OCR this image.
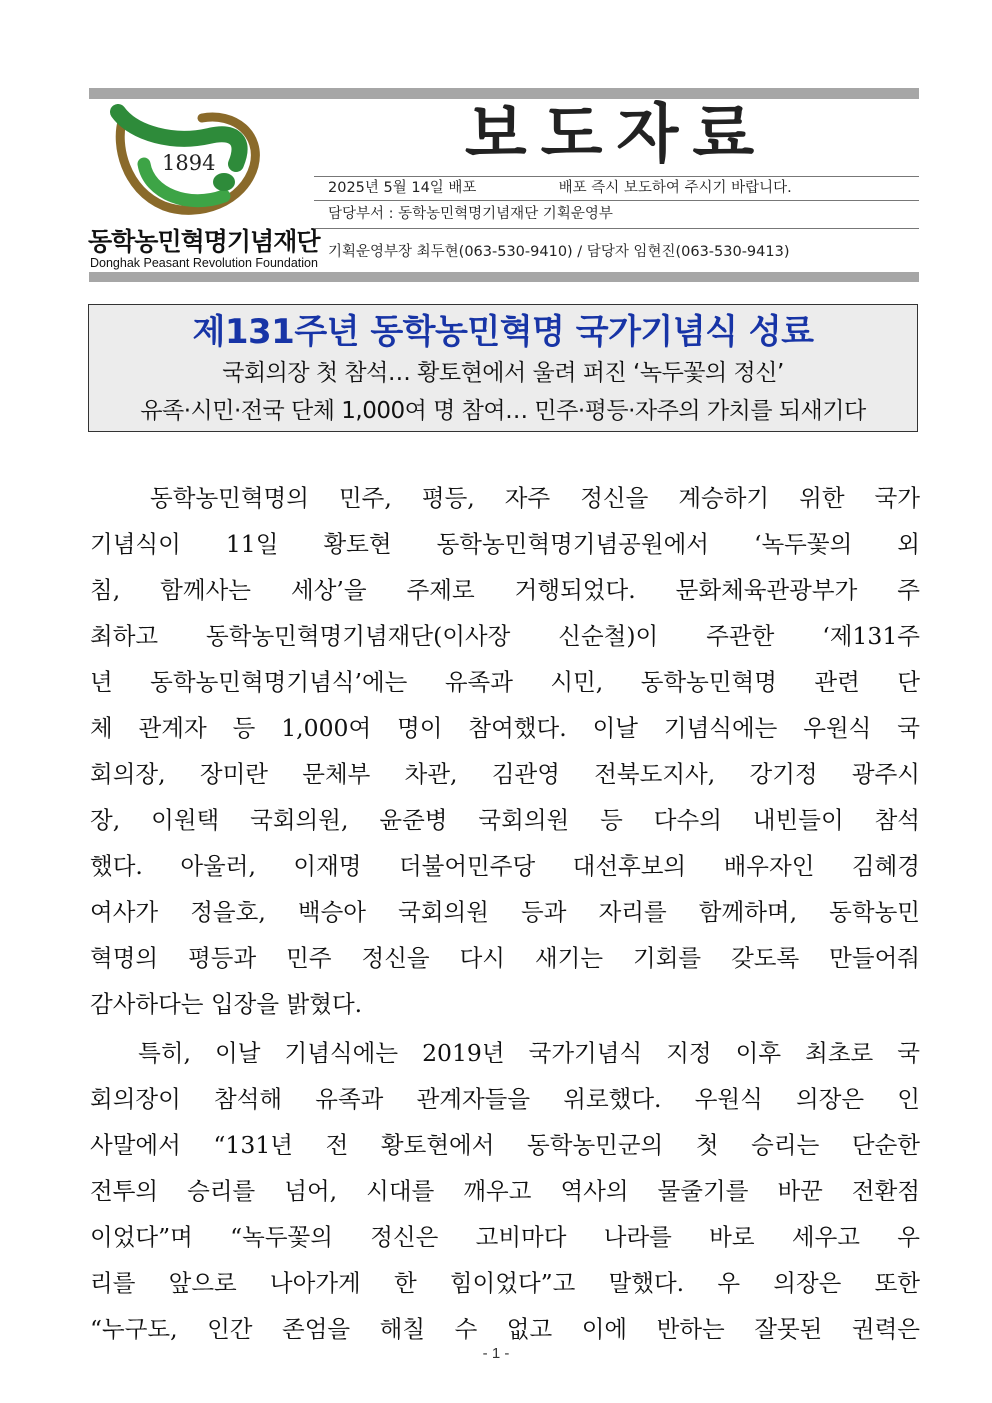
1894
동학농민혁명기념재단
Donghak Peasant Revolution Foundation
보도자료
2025년 5월 14일 배포	배포 즉시 보도하여 주시기 바랍니다.
담당부서 : 동학농민혁명기념재단 기획운영부
기획운영부장 최두현(063-530-9410) / 담당자 임현진(063-530-9413)
제131주년 동학농민혁명 국가기념식 성료
국회의장 첫 참석… 황토현에서 울려 퍼진 ‘녹두꽃의 정신’
유족·시민·전국 단체 1,000여 명 참여… 민주·평등·자주의 가치를 되새기다
동학농민혁명의 민주, 평등, 자주 정신을 계승하기 위한 국가
기념식이 11일 황토현 동학농민혁명기념공원에서 ‘녹두꽃의 외
침, 함께사는 세상’을 주제로 거행되었다. 문화체육관광부가 주
최하고 동학농민혁명기념재단(이사장 신순철)이 주관한 ‘제131주
년 동학농민혁명기념식’에는 유족과 시민, 동학농민혁명 관련 단
체 관계자 등 1,000여 명이 참여했다. 이날 기념식에는 우원식 국
회의장, 장미란 문체부 차관, 김관영 전북도지사, 강기정 광주시
장, 이원택 국회의원, 윤준병 국회의원 등 다수의 내빈들이 참석
했다. 아울러, 이재명 더불어민주당 대선후보의 배우자인 김혜경
여사가 정을호, 백승아 국회의원 등과 자리를 함께하며, 동학농민
혁명의 평등과 민주 정신을 다시 새기는 기회를 갖도록 만들어줘
감사하다는 입장을 밝혔다.
특히, 이날 기념식에는 2019년 국가기념식 지정 이후 최초로 국
회의장이 참석해 유족과 관계자들을 위로했다. 우원식 의장은 인
사말에서 “131년 전 황토현에서 동학농민군의 첫 승리는 단순한
전투의 승리를 넘어, 시대를 깨우고 역사의 물줄기를 바꾼 전환점
이었다”며 “녹두꽃의 정신은 고비마다 나라를 바로 세우고 우
리를 앞으로 나아가게 한 힘이었다”고 말했다. 우 의장은 또한
“누구도, 인간 존엄을 해칠 수 없고 이에 반하는 잘못된 권력은
- 1 -
